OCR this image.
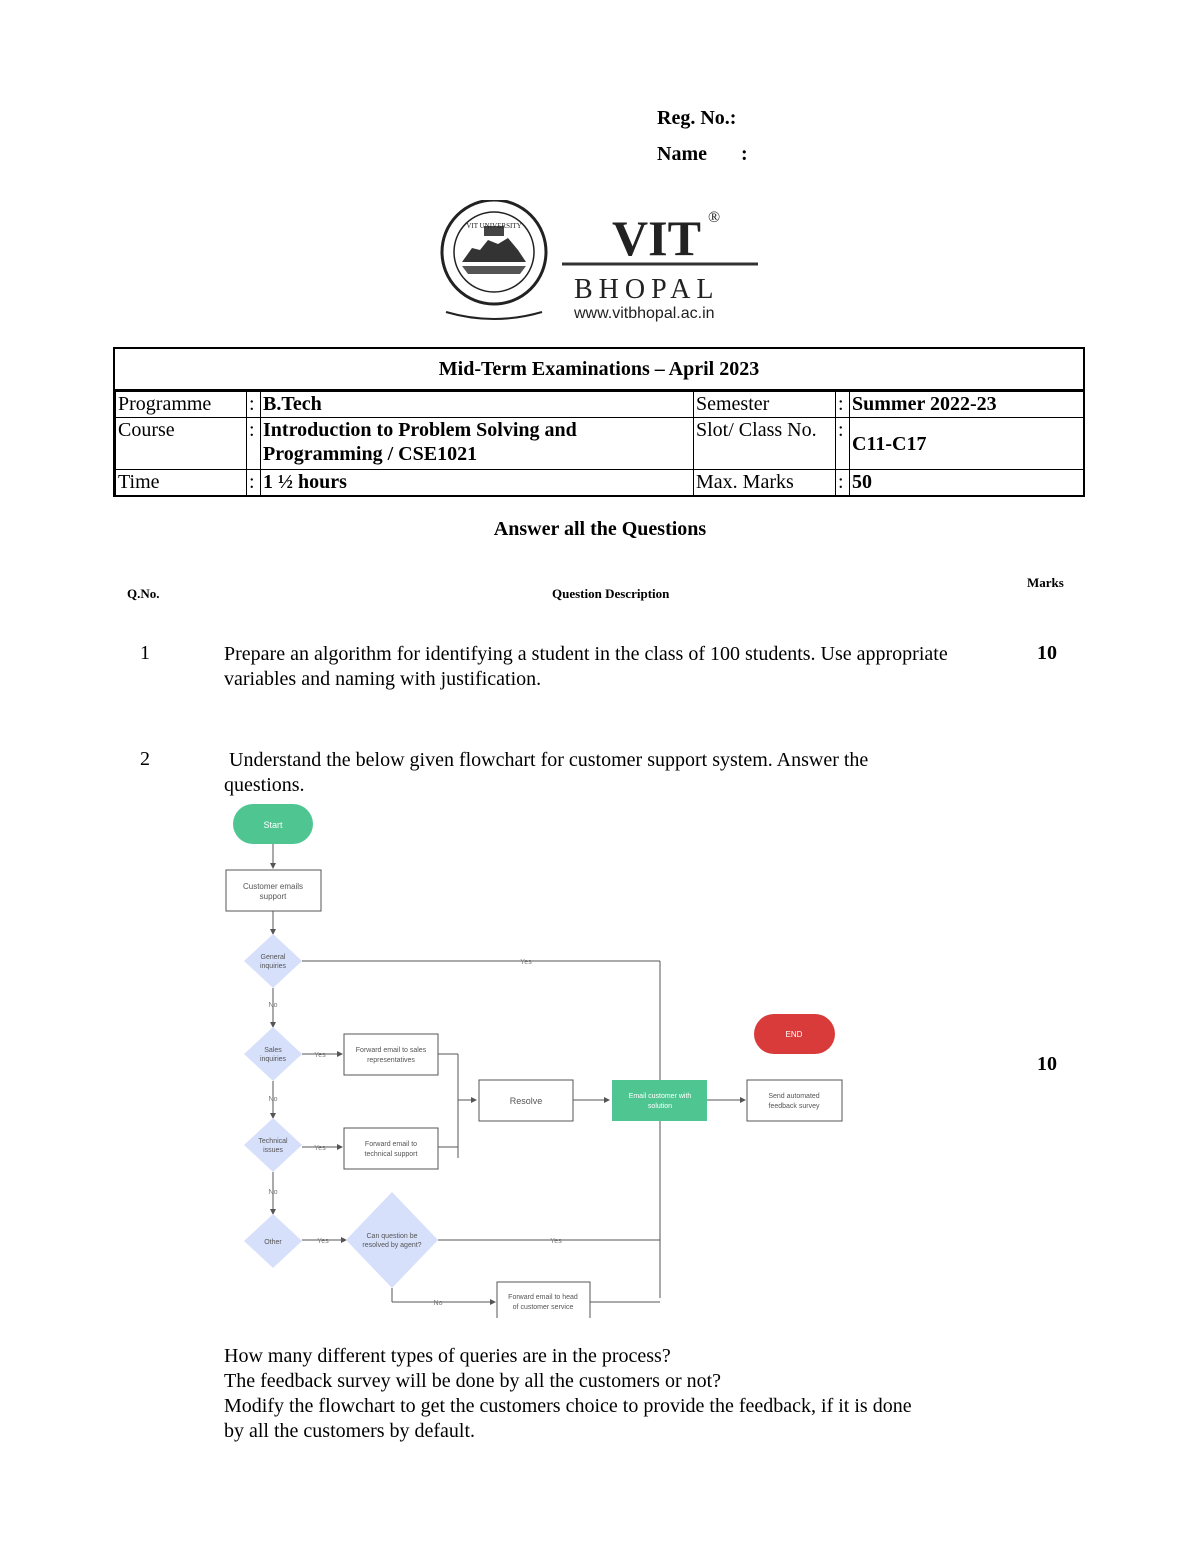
Reg. No.:
Name	:
VIT UNIVERSITY VIT ®
BHOPAL
www.vitbhopal.ac.in
Mid-Term Examinations – April 2023
Programme	:	B.Tech	Semester	:	Summer 2022-23
Course	:	Introduction to Problem Solving and
Programming / CSE1021	Slot/ Class No.	:	C11-C17
Time	:	1 ½ hours	Max. Marks	:	50
Answer all the Questions
Q.No.	Question Description
Marks
1	Prepare an algorithm for identifying a student in the class of 100 students. Use appropriate
variables and naming with justification.
10
2	Understand the below given flowchart for customer support system. Answer the
questions.
10
Start
Customer emails
support
General
inquiries
Yes
No
Sales
inquiries
Yes
No
Forward email to sales
representatives
Technical
issues	Yes
No
Forward email to
technical support
Other	Yes
Can question be
resolved by agent?
Yes
No
Forward email to head
of customer service
Resolve	Email customer with
solution
Send automated
feedback survey
END
How many different types of queries are in the process?
The feedback survey will be done by all the customers or not?
Modify the flowchart to get the customers choice to provide the feedback, if it is done
by all the customers by default.
